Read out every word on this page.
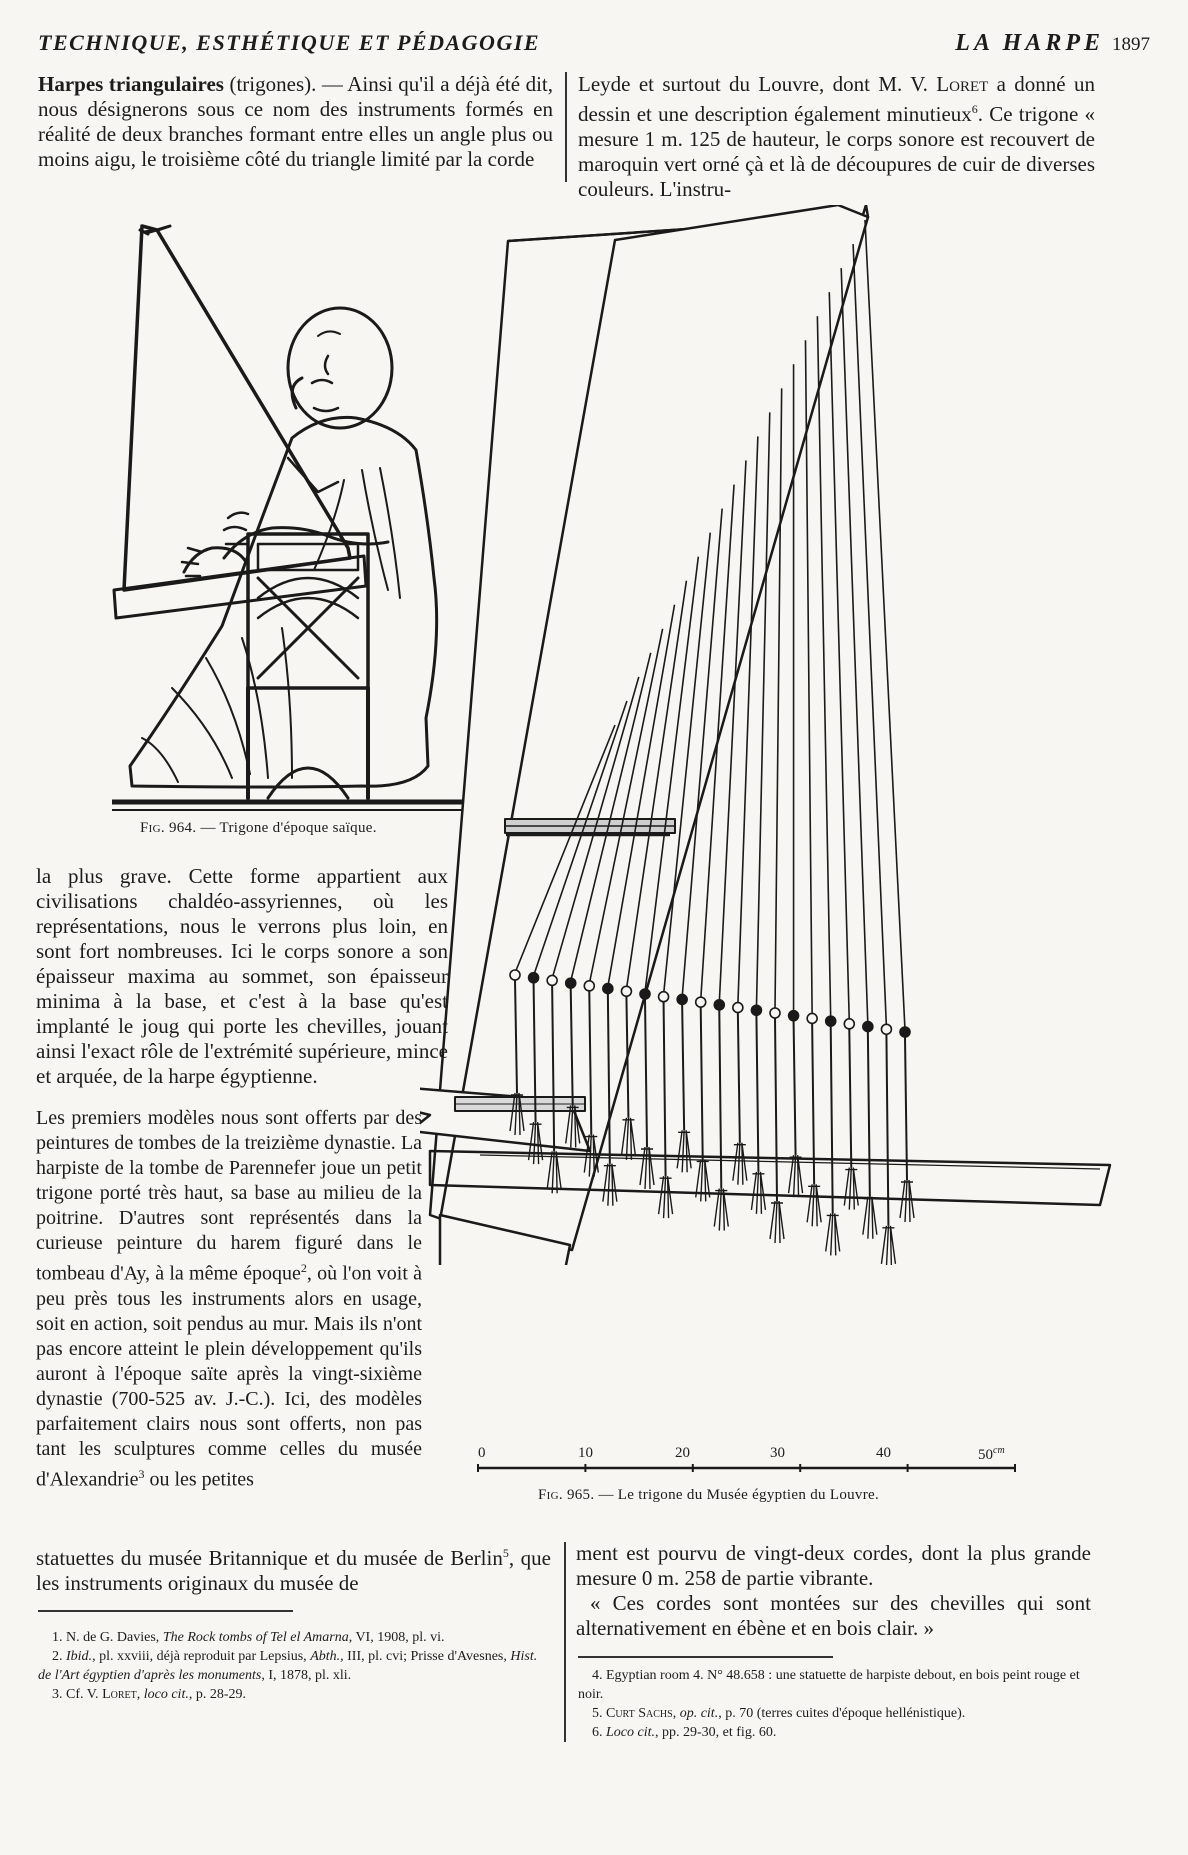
TECHNIQUE, ESTHÉTIQUE ET PÉDAGOGIE	LA HARPE 1897

Harpes triangulaires (trigones). — Ainsi qu'il a déjà été dit, nous désignerons sous ce nom des instruments formés en réalité de deux branches formant entre elles un angle plus ou moins aigu, le troisième côté du triangle limité par la corde

Leyde et surtout du Louvre, dont M. V. Loret a donné un dessin et une description également minutieux$^6$. Ce trigone « mesure 1 m. 125 de hauteur, le corps sonore est recouvert de maroquin vert orné çà et là de découpures de cuir de diverses couleurs. L'instru-

Fig. 964. — Trigone d'époque saïque.
0	10	20	30	40	$50^{cm}$
Fig. 965. — Le trigone du Musée égyptien du Louvre.

la plus grave. Cette forme appartient aux civilisations chaldéo-assyriennes, où les représentations, nous le verrons plus loin, en sont fort nombreuses. Ici le corps sonore a son épaisseur maxima au sommet, son épaisseur minima à la base, et c'est à la base qu'est implanté le joug qui porte les chevilles, jouant ainsi l'exact rôle de l'extrémité supérieure, mince et arquée, de la harpe égyptienne.

Les premiers modèles nous sont offerts par des peintures de tombes de la treizième dynastie. La harpiste de la tombe de Parennefer joue un petit trigone porté très haut, sa base au milieu de la poitrine. D'autres sont représentés dans la curieuse peinture du harem figuré dans le tombeau d'Ay, à la même époque$^2$, où l'on voit à peu près tous les instruments alors en usage, soit en action, soit pendus au mur. Mais ils n'ont pas encore atteint le plein développement qu'ils auront à l'époque saïte après la vingt-sixième dynastie (700-525 av. J.-C.). Ici, des modèles parfaitement clairs nous sont offerts, non pas tant les sculptures comme celles du musée d'Alexandrie$^3$ ou les petites

statuettes du musée Britannique et du musée de Berlin$^5$, que les instruments originaux du musée de

ment est pourvu de vingt-deux cordes, dont la plus grande mesure 0 m. 258 de partie vibrante.

« Ces cordes sont montées sur des chevilles qui sont alternativement en ébène et en bois clair. »

1. N. de G. Davies, The Rock tombs of Tel el Amarna, VI, 1908, pl. vi.

2. Ibid., pl. xxviii, déjà reproduit par Lepsius, Abth., III, pl. cvi; Prisse d'Avesnes, Hist. de l'Art égyptien d'après les monuments, I, 1878, pl. xli.

3. Cf. V. Loret, loco cit., p. 28-29.

4. Egyptian room 4. N° 48.658 : une statuette de harpiste debout, en bois peint rouge et noir.

5. Curt Sachs, op. cit., p. 70 (terres cuites d'époque hellénistique).

6. Loco cit., pp. 29-30, et fig. 60.
